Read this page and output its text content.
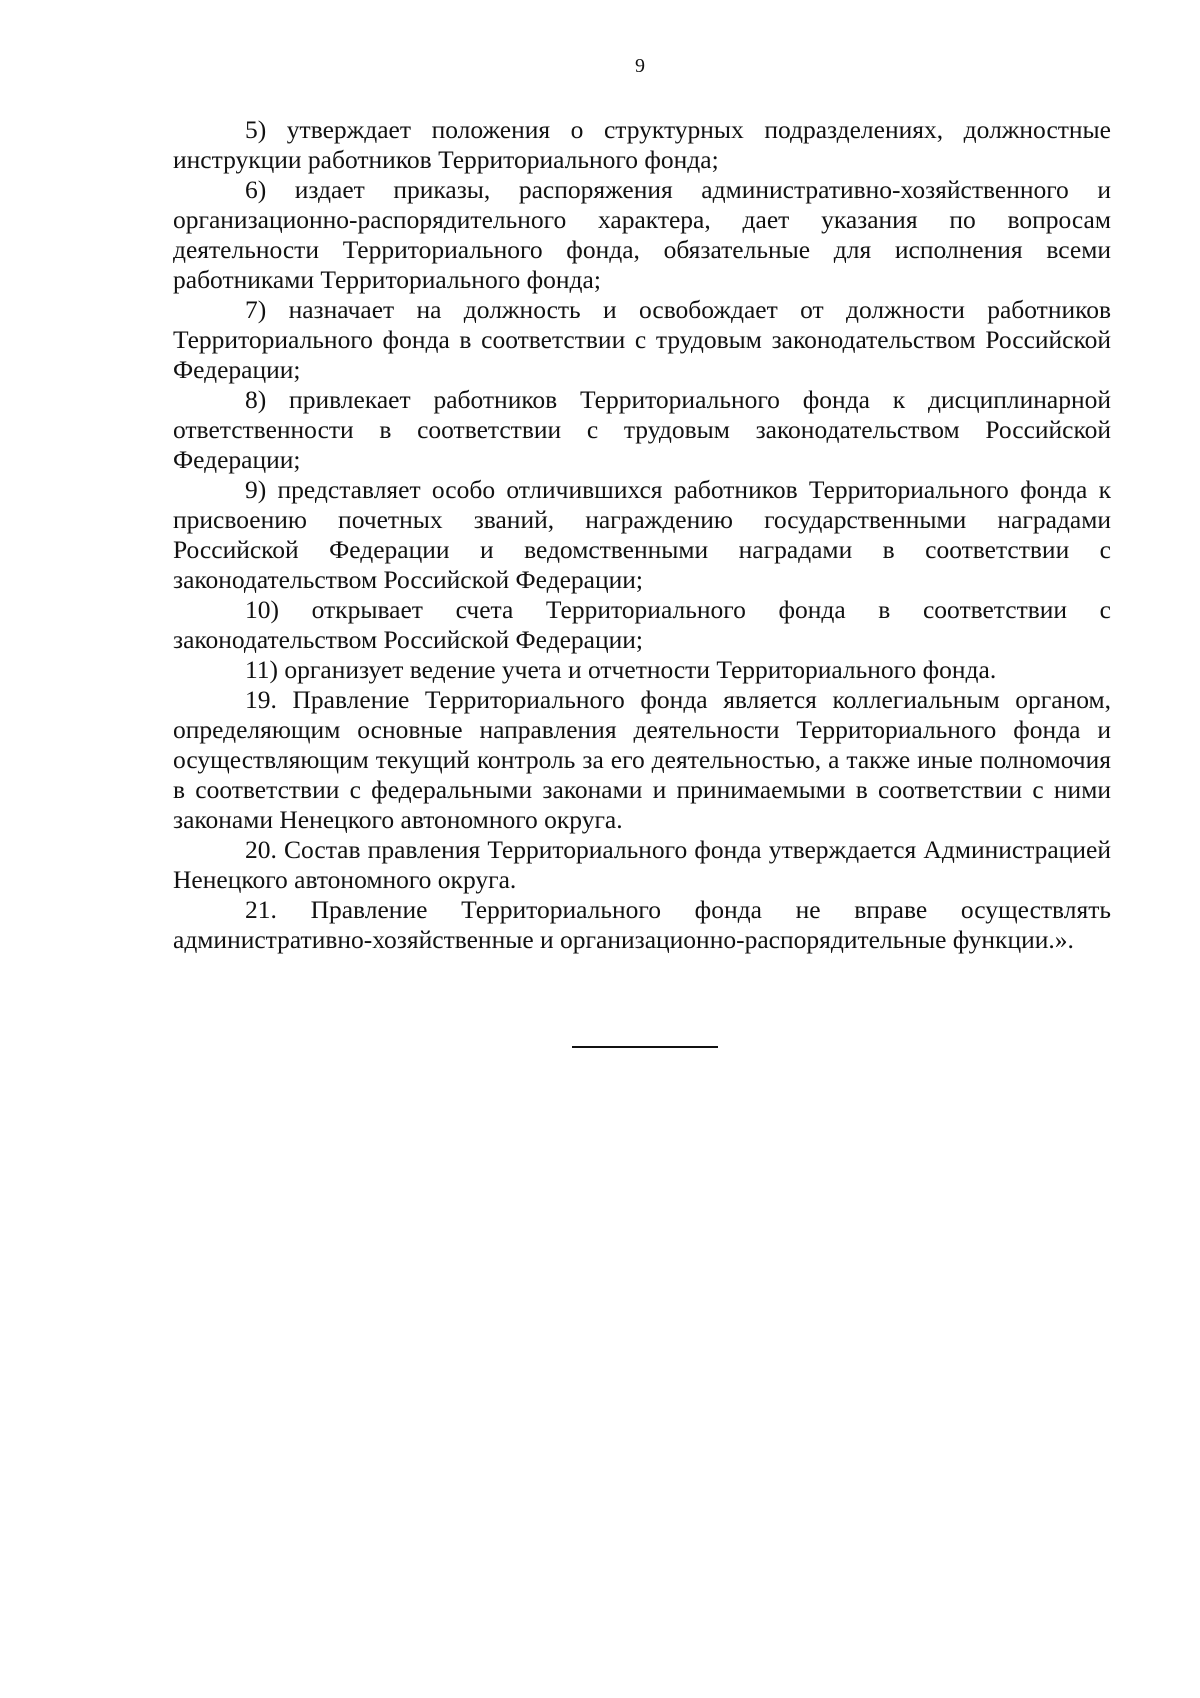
9

5) утверждает положения о структурных подразделениях, должностные инструкции работников Территориального фонда;

6) издает приказы, распоряжения административно-хозяйственного и организационно-распорядительного характера, дает указания по вопросам деятельности Территориального фонда, обязательные для исполнения всеми работниками Территориального фонда;

7) назначает на должность и освобождает от должности работников Территориального фонда в соответствии с трудовым законодательством Российской Федерации;

8) привлекает работников Территориального фонда к дисциплинарной ответственности в соответствии с трудовым законодательством Российской Федерации;

9) представляет особо отличившихся работников Территориального фонда к присвоению почетных званий, награждению государственными наградами Российской Федерации и ведомственными наградами в соответствии с законодательством Российской Федерации;

10) открывает счета Территориального фонда в соответствии с законодательством Российской Федерации;

11) организует ведение учета и отчетности Территориального фонда.

19. Правление Территориального фонда является коллегиальным органом, определяющим основные направления деятельности Территориального фонда и осуществляющим текущий контроль за его деятельностью, а также иные полномочия в соответствии с федеральными законами и принимаемыми в соответствии с ними законами Ненецкого автономного округа.

20. Состав правления Территориального фонда утверждается Администрацией Ненецкого автономного округа.

21. Правление Территориального фонда не вправе осуществлять административно-хозяйственные и организационно-распорядительные функции.».
